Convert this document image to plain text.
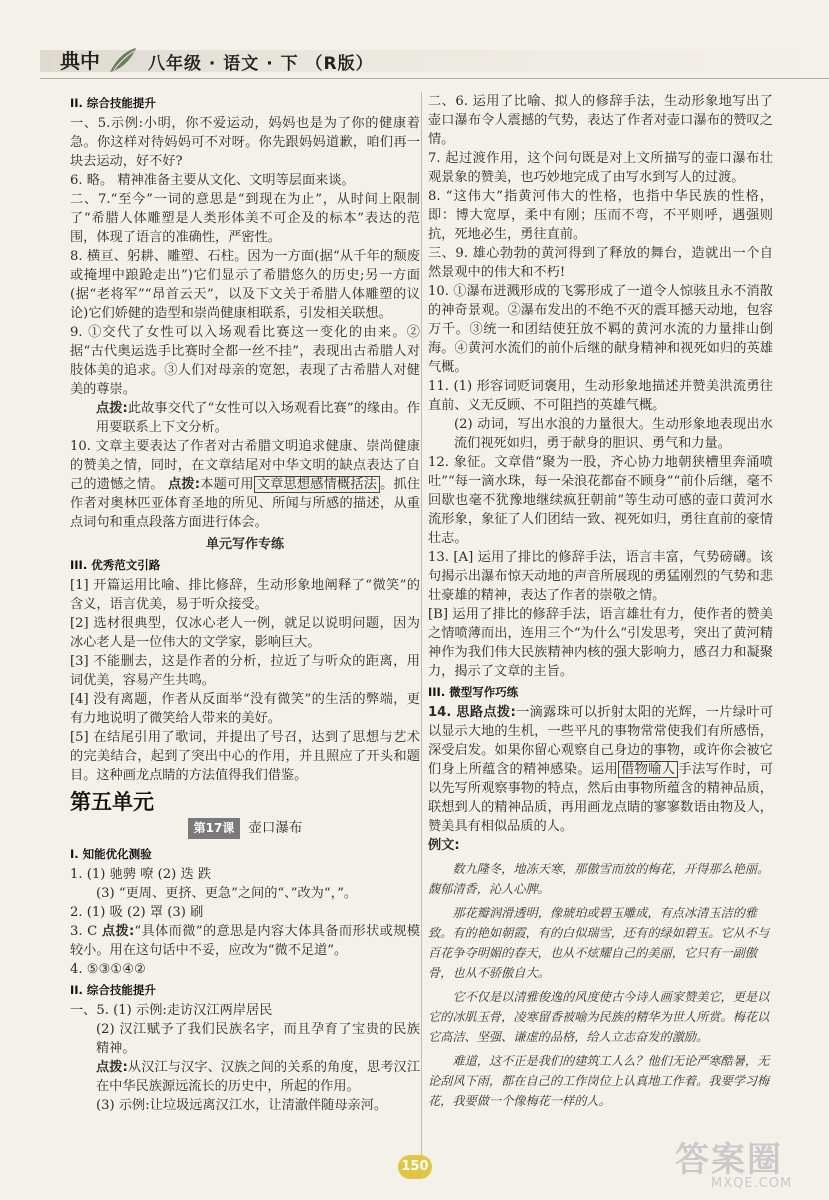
典中	八年级 · 语文 · 下 （R版）
II. 综合技能提升

一、5.示例:小明，你不爱运动，妈妈也是为了你的健康着急。你这样对待妈妈可不对呀。你先跟妈妈道歉，咱们再一块去运动，好不好?

6. 略。 精神准备主要从文化、文明等层面来谈。

二、7.“至今”一词的意思是“到现在为止”，从时间上限制了“希腊人体雕塑是人类形体美不可企及的标本”表达的范围，体现了语言的准确性，严密性。

8. 横亘、躬耕、雕塑、石柱。因为一方面(据“从千年的颓废或掩埋中踉跄走出”)它们显示了希腊悠久的历史;另一方面(据“老将军”“昂首云天”，以及下文关于希腊人体雕塑的议论)它们娇健的造型和崇尚健康相联系，引发相关联想。

9. ①交代了女性可以入场观看比赛这一变化的由来。②据“古代奥运选手比赛时全都一丝不挂”，表现出古希腊人对肢体美的追求。③人们对母亲的宽恕，表现了古希腊人对健美的尊崇。

点拨:此故事交代了“女性可以入场观看比赛”的缘由。作用要联系上下文分析。

10. 文章主要表达了作者对古希腊文明追求健康、崇尚健康的赞美之情，同时，在文章结尾对中华文明的缺点表达了自己的遗憾之情。 点拨:本题可用 文章思想感情概括法 。抓住作者对奥林匹亚体育圣地的所见、所闻与所感的描述，从重点词句和重点段落方面进行体会。

单元写作专练
III. 优秀范文引路

[1] 开篇运用比喻、排比修辞，生动形象地阐释了“微笑”的含义，语言优美，易于听众接受。

[2] 选材很典型，仅冰心老人一例，就足以说明问题，因为冰心老人是一位伟大的文学家，影响巨大。

[3] 不能删去，这是作者的分析，拉近了与听众的距离，用词优美，容易产生共鸣。

[4] 没有离题，作者从反面举“没有微笑”的生活的弊端，更有力地说明了微笑给人带来的美好。

[5] 在结尾引用了歌词，并提出了号召，达到了思想与艺术的完美结合，起到了突出中心的作用，并且照应了开头和题目。这种画龙点睛的方法值得我们借鉴。

第五单元
第17课 壶口瀑布
I. 知能优化测验

1. (1) 驰骋 嘹 (2) 迭 跌

(3) “更周、更挤、更急”之间的“、”改为“，”。

2. (1) 吸 (2) 罩 (3) 刷

3. C 点拨:“具体而微”的意思是内容大体具备而形状或规模较小。用在这句话中不妥，应改为“微不足道”。

4. ⑤③①④②

II. 综合技能提升

一、5. (1) 示例:走访汉江两岸居民

(2) 汉江赋予了我们民族名字，而且孕育了宝贵的民族精神。

点拨:从汉江与汉字、汉族之间的关系的角度，思考汉江在中华民族源远流长的历史中，所起的作用。

(3) 示例:让垃圾远离汉江水，让清澈伴随母亲河。

二、6. 运用了比喻、拟人的修辞手法，生动形象地写出了壶口瀑布令人震撼的气势，表达了作者对壶口瀑布的赞叹之情。

7. 起过渡作用，这个问句既是对上文所描写的壶口瀑布壮观景象的赞美，也巧妙地完成了由写水到写人的过渡。

8. “这伟大”指黄河伟大的性格，也指中华民族的性格，即：博大宽厚，柔中有刚；压而不弯，不平则呼，遇强则抗，死地必生，勇往直前。

三、9. 雄心勃勃的黄河得到了释放的舞台，造就出一个自然景观中的伟大和不朽!

10. ①瀑布迸溅形成的飞雾形成了一道令人惊骇且永不消散的神奇景观。②瀑布发出的不绝不灭的震耳撼天动地，包容万千。③统一和团结使狂放不羁的黄河水流的力量排山倒海。④黄河水流们的前仆后继的献身精神和视死如归的英雄气概。

11. (1) 形容词贬词褒用，生动形象地描述并赞美洪流勇往直前、义无反顾、不可阻挡的英雄气概。

(2) 动词，写出水浪的力量很大。生动形象地表现出水流们视死如归，勇于献身的胆识、勇气和力量。

12. 象征。文章借“聚为一股，齐心协力地朝狭槽里奔涌喷吐”“每一滴水珠，每一朵浪花都奋不顾身”“前仆后继，毫不回歇也毫不犹豫地继续疯狂朝前”等生动可感的壶口黄河水流形象，象征了人们团结一致、视死如归，勇往直前的豪情壮志。

13. [A] 运用了排比的修辞手法，语言丰富，气势磅礴。该句揭示出瀑布惊天动地的声音所展现的勇猛刚烈的气势和悲壮豪雄的精神，表达了作者的崇敬之情。

[B] 运用了排比的修辞手法，语言雄壮有力，使作者的赞美之情喷薄而出，连用三个“为什么”引发思考，突出了黄河精神作为我们伟大民族精神内核的强大影响力，感召力和凝聚力，揭示了文章的主旨。

III. 微型写作巧练

14. 思路点拨:一滴露珠可以折射太阳的光辉，一片绿叶可以显示大地的生机，一些平凡的事物常常使我们有所感悟，深受启发。如果你留心观察自己身边的事物，或许你会被它们身上所蕴含的精神感染。运用 借物喻人 手法写作时，可以先写所观察事物的特点，然后由事物所蕴含的精神品质，联想到人的精神品质，再用画龙点睛的寥寥数语由物及人，赞美具有相似品质的人。

例文:

数九隆冬，地冻天寒，那傲雪而放的梅花，开得那么艳丽。馥郁清香，沁人心脾。

那花瓣润滑透明，像琥珀或碧玉雕成，有点冰清玉洁的雅致。有的艳如朝霞，有的白似瑞雪，还有的绿如碧玉。它从不与百花争夺明媚的春天，也从不炫耀自己的美丽，它只有一副傲骨，也从不骄傲自大。

它不仅是以清雅俊逸的风度使古今诗人画家赞美它，更是以它的冰肌玉骨，凌寒留香被喻为民族的精华为世人所赏。梅花以它高洁、坚强、谦虚的品格，给人立志奋发的激励。

难道，这不正是我们的建筑工人么？他们无论严寒酷暑，无论刮风下雨，都在自己的工作岗位上认真地工作着。我要学习梅花，我要做一个像梅花一样的人。

150	答案圈
MXQE.COM
